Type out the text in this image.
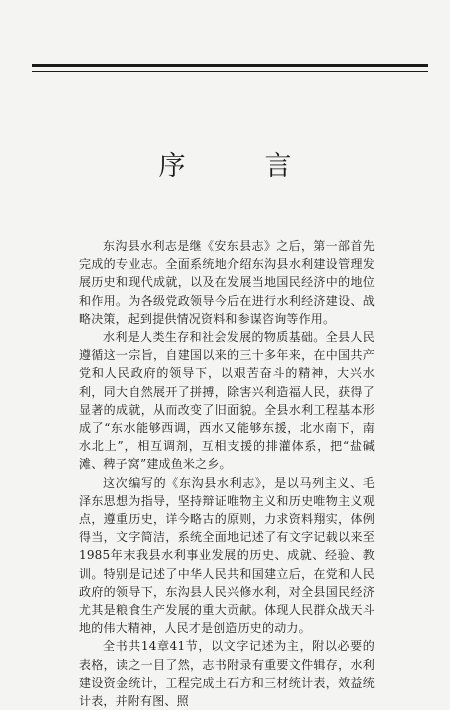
序　言

东沟县水利志是继《安东县志》之后，第一部首先完成的专业志。全面系统地介绍东沟县水利建设管理发展历史和现代成就，以及在发展当地国民经济中的地位和作用。为各级党政领导今后在进行水利经济建设、战略决策，起到提供情况资料和参谋咨询等作用。

水利是人类生存和社会发展的物质基础。全县人民遵循这一宗旨，自建国以来的三十多年来，在中国共产党和人民政府的领导下，以艰苦奋斗的精神，大兴水利，同大自然展开了拼搏，除害兴利造福人民，获得了显著的成就，从而改变了旧面貌。全县水利工程基本形成了“东水能够西调，西水又能够东援，北水南下，南水北上”，相互调剂，互相支援的排灌体系，把“盐碱滩、稗子窝”建成鱼米之乡。

这次编写的《东沟县水利志》，是以马列主义、毛泽东思想为指导，坚持辩证唯物主义和历史唯物主义观点，遵重历史，详今略古的原则，力求资料翔实，体例得当，文字简洁，系统全面地记述了有文字记载以来至1985年末我县水利事业发展的历史、成就、经验、教训。特别是记述了中华人民共和国建立后，在党和人民政府的领导下，东沟县人民兴修水利，对全县国民经济尤其是粮食生产发展的重大贡献。体现人民群众战天斗地的伟大精神，人民才是创造历史的动力。

全书共14章41节，以文字记述为主，附以必要的表格，读之一目了然，志书附录有重要文件辑存，水利建设资金统计，工程完成土石方和三材统计表，效益统计表，并附有图、照
